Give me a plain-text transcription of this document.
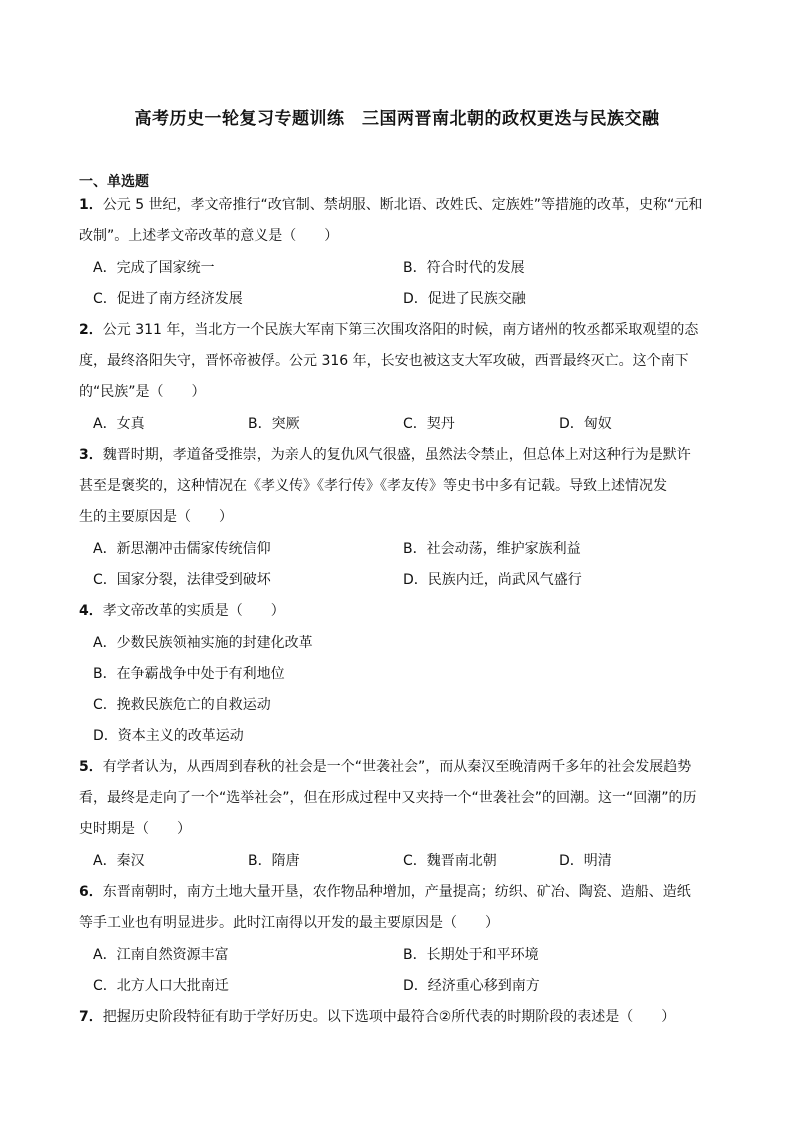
高考历史一轮复习专题训练　三国两晋南北朝的政权更迭与民族交融
一、单选题
1．公元 5 世纪，孝文帝推行“改官制、禁胡服、断北语、改姓氏、定族姓”等措施的改革，史称“元和
改制”。上述孝文帝改革的意义是（　　）
A．完成了国家统一	B．符合时代的发展
C．促进了南方经济发展	D．促进了民族交融
2．公元 311 年，当北方一个民族大军南下第三次围攻洛阳的时候，南方诸州的牧丞都采取观望的态
度，最终洛阳失守，晋怀帝被俘。公元 316 年，长安也被这支大军攻破，西晋最终灭亡。这个南下
的“民族”是（　　）
A．女真	B．突厥	C．契丹	D．匈奴
3．魏晋时期，孝道备受推崇，为亲人的复仇风气很盛，虽然法令禁止，但总体上对这种行为是默许
甚至是褒奖的，这种情况在《孝义传》《孝行传》《孝友传》等史书中多有记载。导致上述情况发
生的主要原因是（　　）
A．新思潮冲击儒家传统信仰	B．社会动荡，维护家族利益
C．国家分裂，法律受到破坏	D．民族内迁，尚武风气盛行
4．孝文帝改革的实质是（　　）
A．少数民族领袖实施的封建化改革
B．在争霸战争中处于有利地位
C．挽救民族危亡的自救运动
D．资本主义的改革运动
5．有学者认为，从西周到春秋的社会是一个“世袭社会”，而从秦汉至晚清两千多年的社会发展趋势
看，最终是走向了一个“选举社会”，但在形成过程中又夹持一个“世袭社会”的回潮。这一“回潮”的历
史时期是（　　）
A．秦汉	B．隋唐	C．魏晋南北朝	D．明清
6．东晋南朝时，南方土地大量开垦，农作物品种增加，产量提高；纺织、矿冶、陶瓷、造船、造纸
等手工业也有明显进步。此时江南得以开发的最主要原因是（　　）
A．江南自然资源丰富	B．长期处于和平环境
C．北方人口大批南迁	D．经济重心移到南方
7．把握历史阶段特征有助于学好历史。以下选项中最符合②所代表的时期阶段的表述是（　　）
